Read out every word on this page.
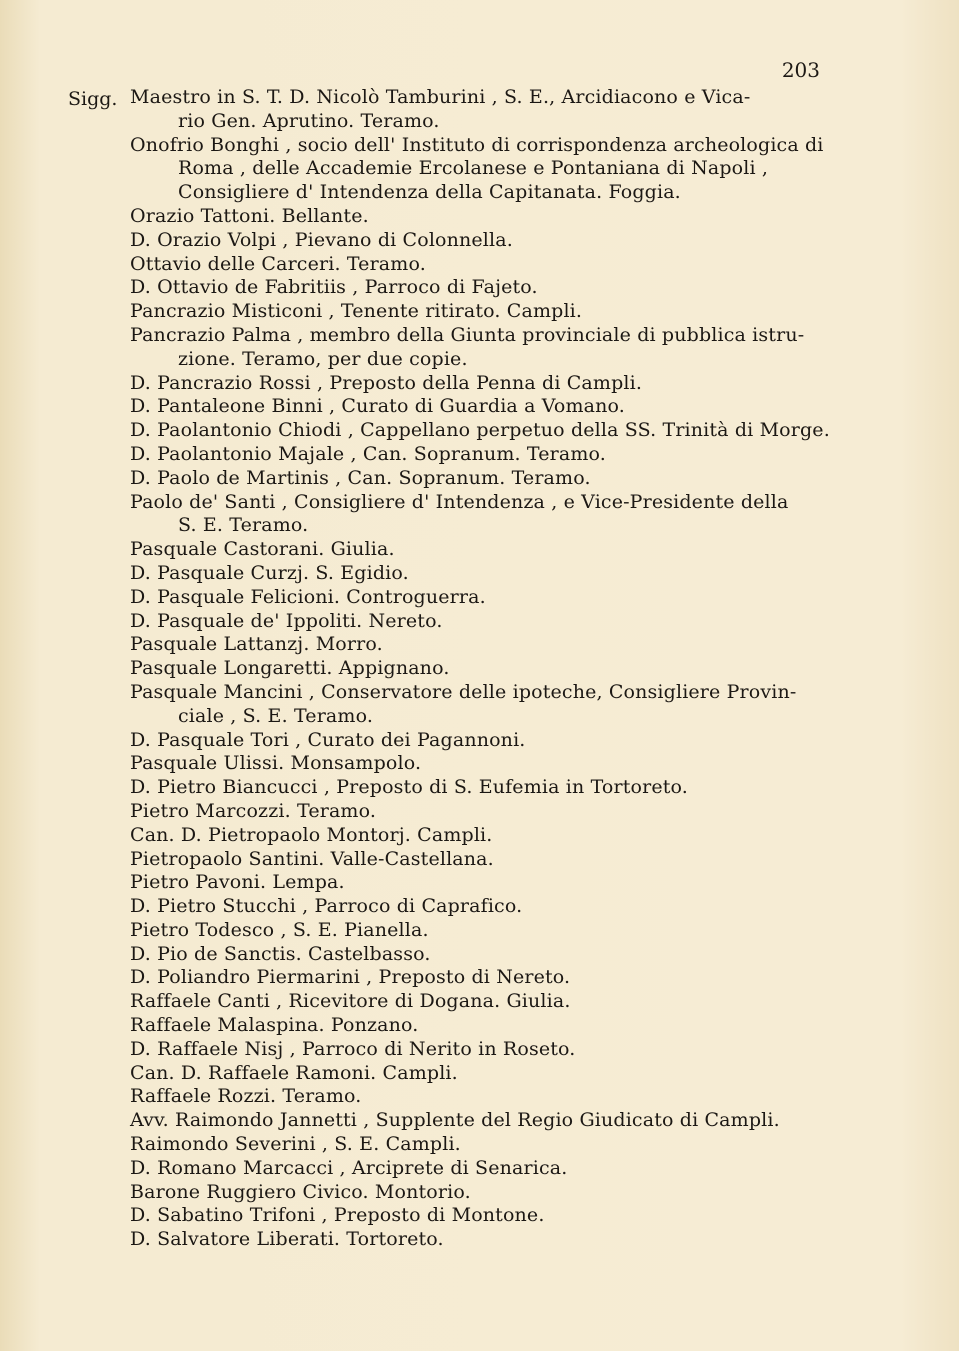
203
Sigg. Maestro in S. T. D. Nicolò Tamburini , S. E., Arcidiacono e Vica-
rio Gen. Aprutino. Teramo.
Onofrio Bonghi , socio dell' Instituto di corrispondenza archeologica di
Roma , delle Accademie Ercolanese e Pontaniana di Napoli ,
Consigliere d' Intendenza della Capitanata. Foggia.
Orazio Tattoni. Bellante.
D. Orazio Volpi , Pievano di Colonnella.
Ottavio delle Carceri. Teramo.
D. Ottavio de Fabritiis , Parroco di Fajeto.
Pancrazio Misticoni , Tenente ritirato. Campli.
Pancrazio Palma , membro della Giunta provinciale di pubblica istru-
zione. Teramo, per due copie.
D. Pancrazio Rossi , Preposto della Penna di Campli.
D. Pantaleone Binni , Curato di Guardia a Vomano.
D. Paolantonio Chiodi , Cappellano perpetuo della SS. Trinità di Morge.
D. Paolantonio Majale , Can. Sopranum. Teramo.
D. Paolo de Martinis , Can. Sopranum. Teramo.
Paolo de' Santi , Consigliere d' Intendenza , e Vice-Presidente della
S. E. Teramo.
Pasquale Castorani. Giulia.
D. Pasquale Curzj. S. Egidio.
D. Pasquale Felicioni. Controguerra.
D. Pasquale de' Ippoliti. Nereto.
Pasquale Lattanzj. Morro.
Pasquale Longaretti. Appignano.
Pasquale Mancini , Conservatore delle ipoteche, Consigliere Provin-
ciale , S. E. Teramo.
D. Pasquale Tori , Curato dei Pagannoni.
Pasquale Ulissi. Monsampolo.
D. Pietro Biancucci , Preposto di S. Eufemia in Tortoreto.
Pietro Marcozzi. Teramo.
Can. D. Pietropaolo Montorj. Campli.
Pietropaolo Santini. Valle-Castellana.
Pietro Pavoni. Lempa.
D. Pietro Stucchi , Parroco di Caprafico.
Pietro Todesco , S. E. Pianella.
D. Pio de Sanctis. Castelbasso.
D. Poliandro Piermarini , Preposto di Nereto.
Raffaele Canti , Ricevitore di Dogana. Giulia.
Raffaele Malaspina. Ponzano.
D. Raffaele Nisj , Parroco di Nerito in Roseto.
Can. D. Raffaele Ramoni. Campli.
Raffaele Rozzi. Teramo.
Avv. Raimondo Jannetti , Supplente del Regio Giudicato di Campli.
Raimondo Severini , S. E. Campli.
D. Romano Marcacci , Arciprete di Senarica.
Barone Ruggiero Civico. Montorio.
D. Sabatino Trifoni , Preposto di Montone.
D. Salvatore Liberati. Tortoreto.
